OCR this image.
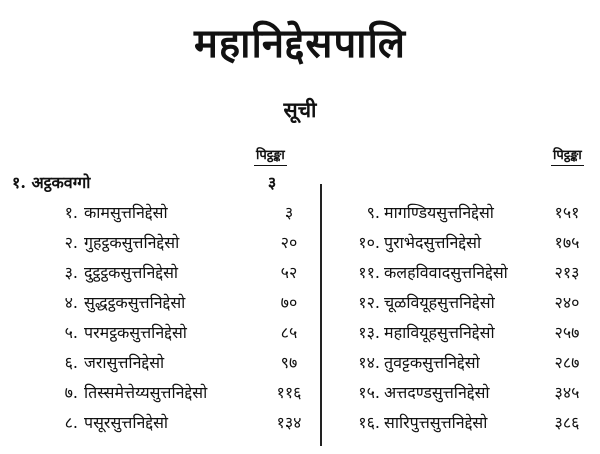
महानिद्देसपालि
सूची
पिट्ठङ्का	पिट्ठङ्का
१. अट्ठकवग्गो	३
१. कामसुत्तनिद्देसो	३
२. गुहट्ठकसुत्तनिद्देसो	२०
३. दुट्ठट्ठकसुत्तनिद्देसो	५२
४. सुद्धट्ठकसुत्तनिद्देसो	७०
५. परमट्ठकसुत्तनिद्देसो	८५
६. जरासुत्तनिद्देसो	९७
७. तिस्समेत्तेय्यसुत्तनिद्देसो	११६
८. पसूरसुत्तनिद्देसो	१३४
९. मागण्डियसुत्तनिद्देसो	१५१
१०. पुराभेदसुत्तनिद्देसो	१७५
११. कलहविवादसुत्तनिद्देसो	२१३
१२. चूळवियूहसुत्तनिद्देसो	२४०
१३. महावियूहसुत्तनिद्देसो	२५७
१४. तुवट्टकसुत्तनिद्देसो	२८७
१५. अत्तदण्डसुत्तनिद्देसो	३४५
१६. सारिपुत्तसुत्तनिद्देसो	३८६
